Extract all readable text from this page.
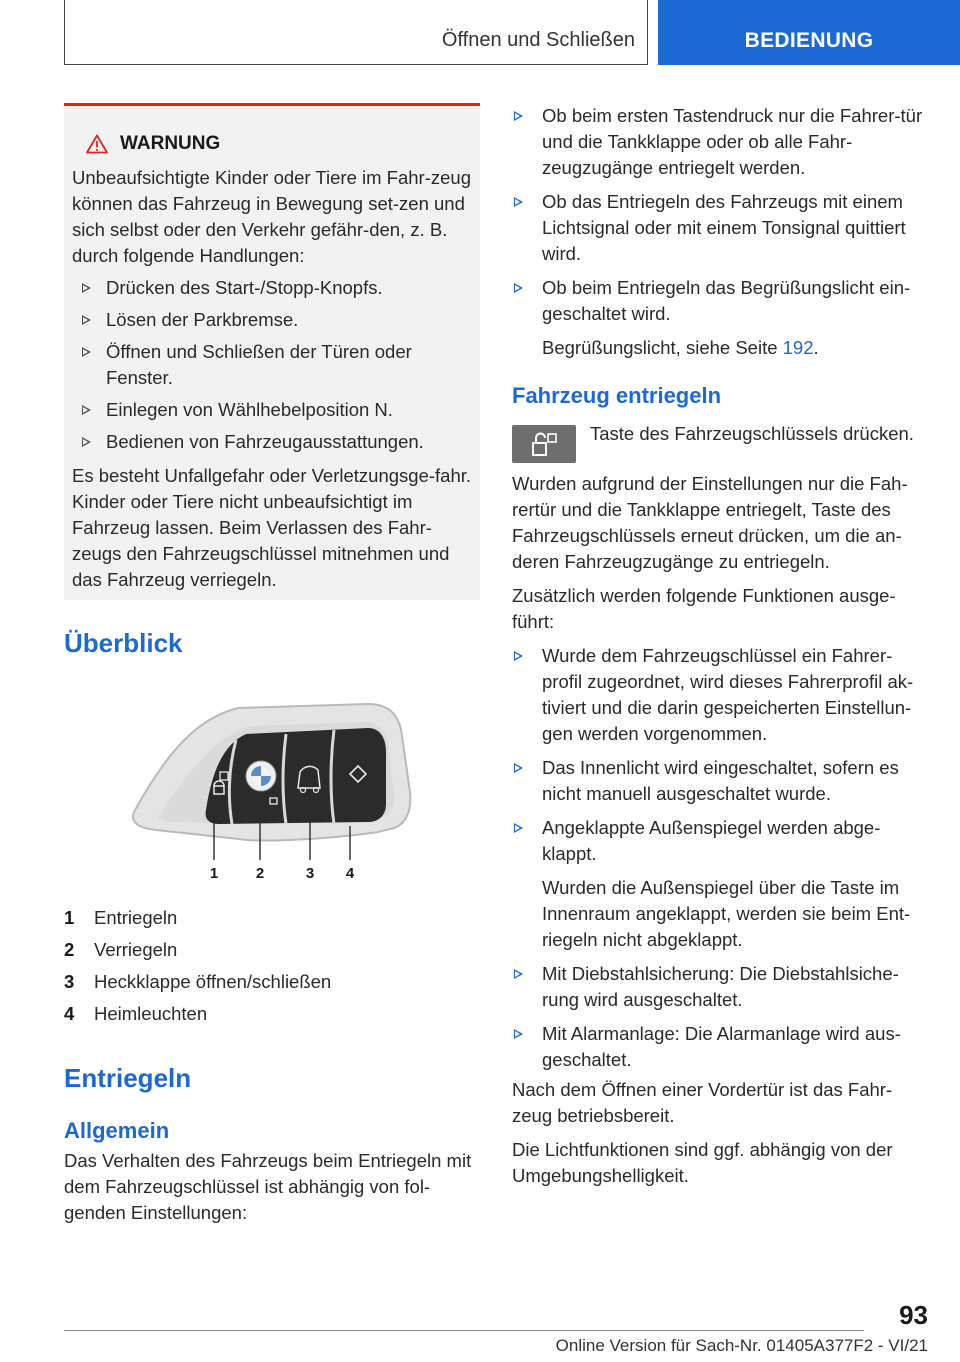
Öffnen und Schließen	BEDIENUNG
WARNUNG
Unbeaufsichtigte Kinder oder Tiere im Fahr-zeug können das Fahrzeug in Bewegung set-zen und sich selbst oder den Verkehr gefähr-den, z. B. durch folgende Handlungen:
Drücken des Start-/Stopp-Knopfs.
Lösen der Parkbremse.
Öffnen und Schließen der Türen oder Fenster.
Einlegen von Wählhebelposition N.
Bedienen von Fahrzeugausstattungen.
Es besteht Unfallgefahr oder Verletzungsge-fahr. Kinder oder Tiere nicht unbeaufsichtigt im Fahrzeug lassen. Beim Verlassen des Fahr-zeugs den Fahrzeugschlüssel mitnehmen und das Fahrzeug verriegeln.
Überblick
1	2	3 4
1	Entriegeln
2	Verriegeln
3	Heckklappe öffnen/schließen
4	Heimleuchten
Entriegeln
Allgemein
Das Verhalten des Fahrzeugs beim Entriegeln mit dem Fahrzeugschlüssel ist abhängig von fol-genden Einstellungen:
Ob beim ersten Tastendruck nur die Fahrer-tür und die Tankklappe oder ob alle Fahr-zeugzugänge entriegelt werden.
Ob das Entriegeln des Fahrzeugs mit einem Lichtsignal oder mit einem Tonsignal quittiert wird.
Ob beim Entriegeln das Begrüßungslicht ein-geschaltet wird.
Begrüßungslicht, siehe Seite 192.
Fahrzeug entriegeln
Taste des Fahrzeugschlüssels drücken.
Wurden aufgrund der Einstellungen nur die Fah-rertür und die Tankklappe entriegelt, Taste des Fahrzeugschlüssels erneut drücken, um die an-deren Fahrzeugzugänge zu entriegeln.
Zusätzlich werden folgende Funktionen ausge-führt:
Wurde dem Fahrzeugschlüssel ein Fahrer-profil zugeordnet, wird dieses Fahrerprofil ak-tiviert und die darin gespeicherten Einstellun-gen werden vorgenommen.
Das Innenlicht wird eingeschaltet, sofern es nicht manuell ausgeschaltet wurde.
Angeklappte Außenspiegel werden abge-klappt.
Wurden die Außenspiegel über die Taste im Innenraum angeklappt, werden sie beim Ent-riegeln nicht abgeklappt.
Mit Diebstahlsicherung: Die Diebstahlsiche-rung wird ausgeschaltet.
Mit Alarmanlage: Die Alarmanlage wird aus-geschaltet.
Nach dem Öffnen einer Vordertür ist das Fahr-zeug betriebsbereit.
Die Lichtfunktionen sind ggf. abhängig von der Umgebungshelligkeit.
93
Online Version für Sach-Nr. 01405A377F2 - VI/21
